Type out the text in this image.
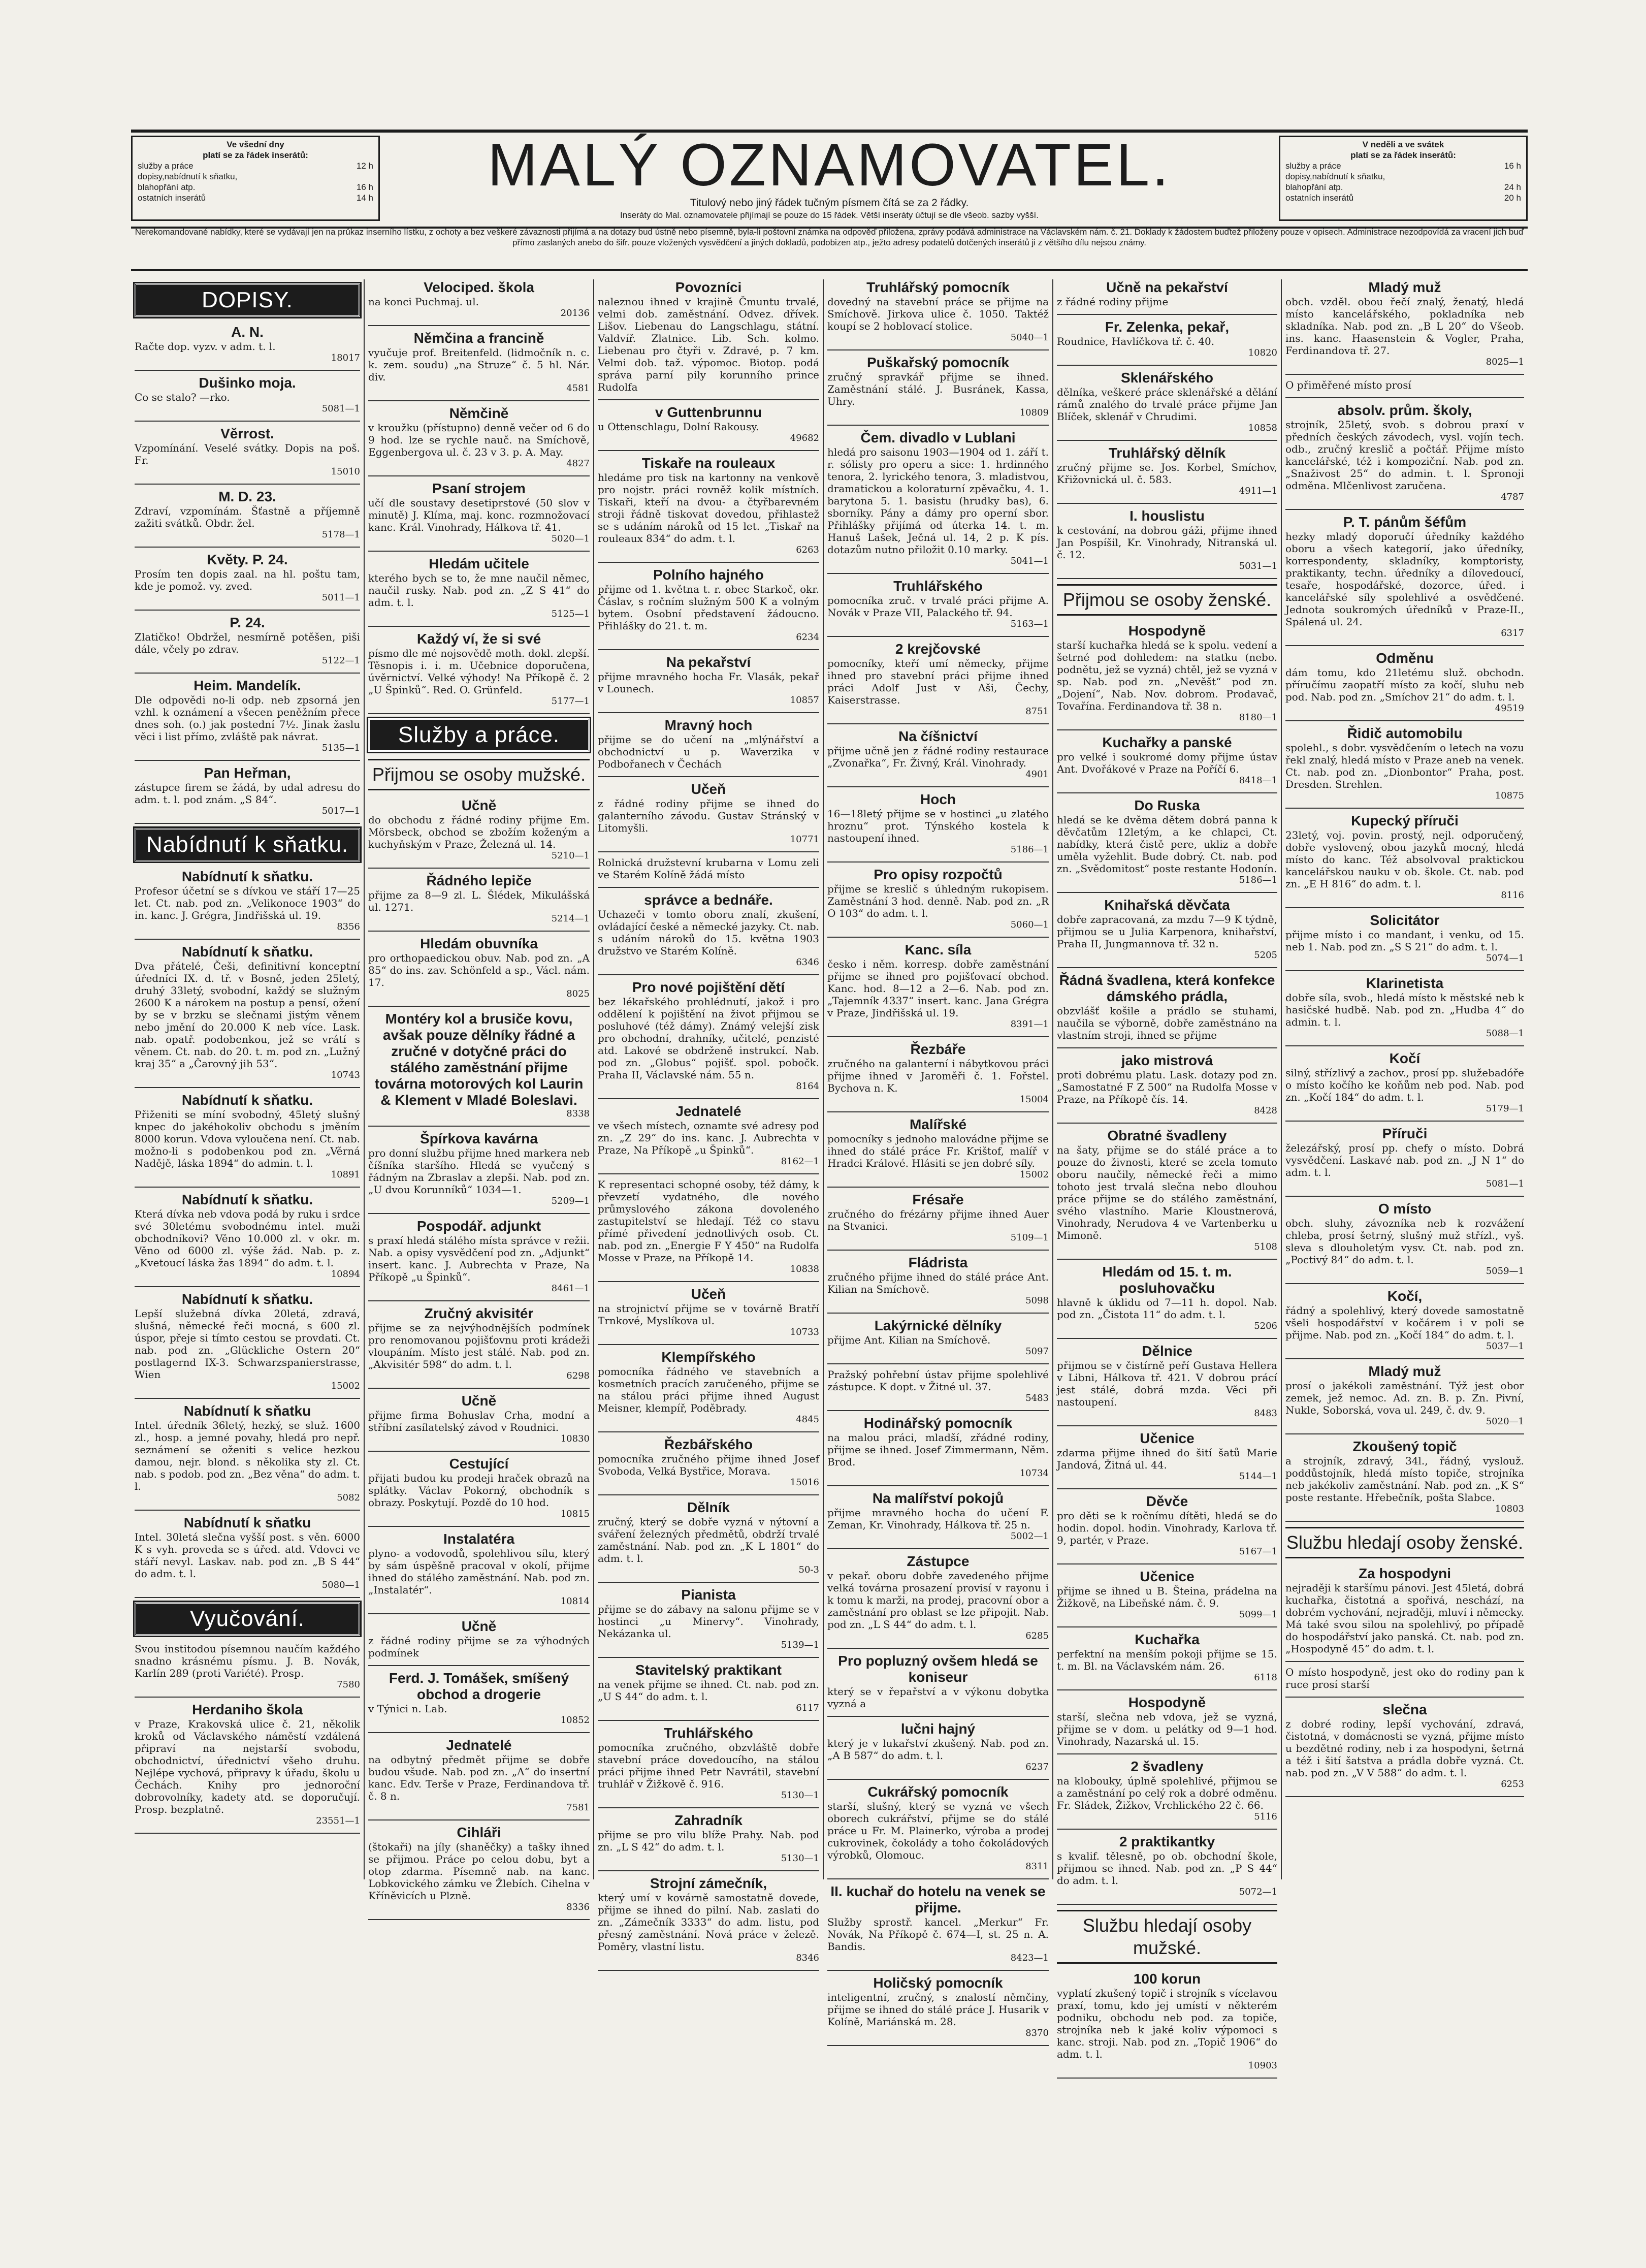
Ve všední dny
platí se za řádek inserátů:
služby a práce	12 h
dopisy,nabídnutí k sňatku,
blahopřání atp.	16 h
ostatních inserátů	14 h	MALÝ OZNAMOVATEL.
Titulový nebo jiný řádek tučným písmem čítá se za 2 řádky.
Inseráty do Mal. oznamovatele přijímají se pouze do 15 řádek. Větší inseráty účtují se dle všeob. sazby vyšší.
V neděli a ve svátek
platí se za řádek inserátů:
služby a práce	16 h
dopisy,nabídnutí k sňatku,
blahopřání atp.	24 h
ostatních inserátů	20 h
Nerekomandované nabídky, které se vydávají jen na průkaz inserního lístku, z ochoty a bez veškeré závaznosti přijímá a na dotazy bud ústně nebo písemně, byla-li poštovní známka na odpověď přiložena, zprávy podává administrace na Václavském nám. č. 21. Doklady k žádostem buďtež přiloženy pouze v opisech. Administrace nezodpovídá za vracení jich buď přímo zaslaných anebo do šifr. pouze vložených vysvědčení a jiných dokladů, podobizen atp., ježto adresy podatelů dotčených inserátů ji z většího dílu nejsou známy.
DOPISY.
A. N.
Račte dop. vyzv. v adm. t. l.
18017
Dušinko moja.
Co se stalo? —rko.
5081—1
Věrrost.
Vzpomínání. Veselé svátky. Dopis na poš. Fr.
15010
M. D. 23.
Zdraví, vzpomínám. Šťastně a příjemně zažiti svátků. Obdr. žel.
5178—1
Květy. P. 24.
Prosím ten dopis zaal. na hl. poštu tam, kde je pomož. vy. zved.
5011—1
P. 24.
Zlatičko! Obdržel, nesmírně potěšen, piši dále, včely po zdrav.
5122—1
Heim. Mandelík.
Dle odpovědi no-li odp. neb zpsorná jen vzhl. k oznámení a všecen peněžním přece dnes soh. (o.) jak postední 7½. Jinak žaslu věci i list přímo, zvláště pak návrat.
5135—1
Pan Heřman,
zástupce firem se žádá, by udal adresu do adm. t. l. pod znám. „S 84“.
5017—1
Nabídnutí k sňatku.
Nabídnutí k sňatku.
Profesor účetní se s dívkou ve stáří 17—25 let. Ct. nab. pod zn. „Velikonoce 1903“ do in. kanc. J. Grégra, Jindřišská ul. 19.
8356
Nabídnutí k sňatku.
Dva přátelé, Češi, definitivní konceptní úředníci IX. d. tř. v Bosně, jeden 25letý, druhý 33letý, svobodní, každý se služným 2600 K a nárokem na postup a pensí, ožení by se v brzku se slečnami jistým věnem nebo jmění do 20.000 K neb více. Lask. nab. opatř. podobenkou, jež se vrátí s věnem. Ct. nab. do 20. t. m. pod zn. „Lužný kraj 35“ a „Čarovný jih 53“.
10743
Nabídnutí k sňatku.
Přiženiti se míní svobodný, 45letý slušný knpec do jakéhokoliv obchodu s jměním 8000 korun. Vdova vyloučena není. Ct. nab. možno-li s podobenkou pod zn. „Věrná Nadějě, láska 1894“ do admin. t. l.
10891
Nabídnutí k sňatku.
Která dívka neb vdova podá by ruku i srdce své 30letému svobodnému intel. muži obchodníkovi? Věno 10.000 zl. v okr. m. Věno od 6000 zl. výše žád. Nab. p. z. „Kvetoucí láska žas 1894“ do adm. t. l.
10894
Nabídnutí k sňatku.
Lepší služebná dívka 20letá, zdravá, slušná, německé řeči mocná, s 600 zl. úspor, přeje si tímto cestou se provdati. Ct. nab. pod zn. „Glückliche Ostern 20“ postlagernd IX-3. Schwarzspanierstrasse, Wien
15002
Nabídnutí k sňatku
Intel. úředník 36letý, hezký, se služ. 1600 zl., hosp. a jemné povahy, hledá pro nepř. seznámení se oženiti s velice hezkou damou, nejr. blond. s několika sty zl. Ct. nab. s podob. pod zn. „Bez věna“ do adm. t. l.
5082
Nabídnutí k sňatku
Intel. 30letá slečna vyšší post. s věn. 6000 K s vyh. proveda se s úřed. atd. Vdovci ve stáří nevyl. Laskav. nab. pod zn. „B S 44“ do adm. t. l.
5080—1
Vyučování.
Svou institodou písemnou naučím každého snadno krásnému písmu. J. B. Novák, Karlín 289 (proti Variété). Prosp.
7580
Herdaniho škola
v Praze, Krakovská ulice č. 21, několik kroků od Václavského náměstí vzdálená připraví na nejstarší svobodu, obchodnictví, úřednictví všeho druhu. Nejlépe vychová, připravy k úřadu, školu u Čechách. Knihy pro jednoroční dobrovolníky, kadety atd. se doporučují. Prosp. bezplatně.
23551—1
Velociped. škola
na konci Puchmaj. ul.
20136
Němčina a francině
vyučuje prof. Breitenfeld. (lidmočník n. c. k. zem. soudu) „na Struze“ č. 5 hl. Nár. div.
4581
Němčině
v kroužku (přístupno) denně večer od 6 do 9 hod. lze se rychle nauč. na Smíchově, Eggenbergova ul. č. 23 v 3. p. A. May.
4827
Psaní strojem
učí dle soustavy desetiprstové (50 slov v minutě) J. Klíma, maj. konc. rozmnožovací kanc. Král. Vinohrady, Hálkova tř. 41.
5020—1
Hledám učitele
kterého bych se to, že mne naučil němec, naučil rusky. Nab. pod zn. „Z S 41“ do adm. t. l.
5125—1
Každý ví, že si své
písmo dle mé nojsovědě moth. dokl. zlepší. Těsnopis i. i. m. Učebnice doporučena, úvěrnictví. Velké výhody! Na Příkopě č. 2 „U Špinků“. Red. O. Grünfeld.
5177—1
Služby a práce.
Přijmou se osoby mužské.
Učně
do obchodu z řádné rodiny přijme Em. Mörsbeck, obchod se zbožím koženým a kuchyňským v Praze, Železná ul. 14.
5210—1
Řádného lepiče
přijme za 8—9 zl. L. Šlédek, Mikulášská ul. 1271.
5214—1
Hledám obuvníka
pro orthopaedickou obuv. Nab. pod zn. „A 85“ do ins. zav. Schönfeld a sp., Václ. nám. 17.
8025
Montéry kol a brusiče kovu, avšak pouze dělníky řádné a zručné v dotyčné práci do stálého zaměstnání přijme továrna motorových kol Laurin & Klement v Mladé Boleslavi.
8338
Špírkova kavárna
pro donní službu přijme hned markera neb číšníka staršího. Hledá se vyučený s řádným na Zbraslav a zlepši. Nab. pod zn. „U dvou Korunníků“ 1034—1.
5209—1
Pospodář. adjunkt
s praxí hledá stálého místa správce v režii. Nab. a opisy vysvědčení pod zn. „Adjunkt“ insert. kanc. J. Aubrechta v Praze, Na Příkopě „u Špinků“.
8461—1
Zručný akvisitér
přijme se za nejvýhodnějších podmínek pro renomovanou pojišťovnu proti krádeži vloupáním. Místo jest stálé. Nab. pod zn. „Akvisitér 598“ do adm. t. l.
6298
Učně
přijme firma Bohuslav Crha, modní a stříbní zasílatelský závod v Roudnici.
10830
Cestující
přijati budou ku prodeji hraček obrazů na splátky. Václav Pokorný, obchodník s obrazy. Poskytují. Pozdě do 10 hod.
10815
Instalatéra
plyno- a vodovodů, spolehlivou sílu, který by sám úspěšně pracoval v okolí, přijme ihned do stálého zaměstnání. Nab. pod zn. „Instalatér“.
10814
Učně
z řádné rodiny přijme se za výhodných podmínek
Ferd. J. Tomášek, smíšený obchod a drogerie
v Týnici n. Lab.
10852
Jednatelé
na odbytný předmět přijme se dobře budou všude. Nab. pod zn. „A“ do insertní kanc. Edv. Terše v Praze, Ferdinandova tř. č. 8 n.
7581
Cihláři
(štokaři) na jíly (shaněčky) a tašky ihned se přijmou. Práce po celou dobu, byt a otop zdarma. Písemně nab. na kanc. Lobkovického zámku ve Žlebích. Cihelna v Kříněvicích u Plzně.
8336
Povozníci
naleznou ihned v krajině Čmuntu trvalé, velmi dob. zaměstnání. Odvez. dřívek. Lišov. Liebenau do Langschlagu, státní. Valdvíř. Zlatnice. Lib. Sch. kolmo. Liebenau pro čtyři v. Zdravé, p. 7 km. Velmi dob. taž. výpomoc. Biotop. podá správa parní pily korunního prince Rudolfa
v Guttenbrunnu
u Ottenschlagu, Dolní Rakousy.
49682
Tiskaře na rouleaux
hledáme pro tisk na kartonny na venkově pro nojstr. práci rovněž kolik místních. Tiskaři, kteří na dvou- a čtyřbarevném stroji řádně tiskovat dovedou, přihlastež se s udáním nároků od 15 let. „Tiskař na rouleaux 834“ do adm. t. l.
6263
Polního hajného
přijme od 1. května t. r. obec Starkoč, okr. Čáslav, s ročním služným 500 K a volným bytem. Osobní představení žádoucno. Přihlášky do 21. t. m.
6234
Na pekařství
přijme mravného hocha Fr. Vlasák, pekař v Lounech.
10857
Mravný hoch
přijme se do učení na „mlýnářství a obchodnictví u p. Waverzika v Podbořanech v Čechách
Učeň
z řádné rodiny přijme se ihned do galanterního závodu. Gustav Stránský v Litomyšli.
10771
Rolnická družstevní krubarna v Lomu zeli ve Starém Kolíně žádá místo
správce a bednáře.
Uchazeči v tomto oboru znalí, zkušení, ovládající české a německé jazyky. Ct. nab. s udáním nároků do 15. května 1903 družstvo ve Starém Kolíně.
6346
Pro nové pojištění dětí
bez lékařského prohlédnutí, jakož i pro oddělení k pojištění na život přijmou se posluhové (též dámy). Známý velejší zisk pro obchodní, drahníky, učitelé, penzisté atd. Lakové se obdrženě instrukcí. Nab. pod zn. „Globus“ pojišť. spol. pobočk. Praha II, Václavské nám. 55 n.
8164
Jednatelé
ve všech místech, oznamte své adresy pod zn. „Z 29“ do ins. kanc. J. Aubrechta v Praze, Na Příkopě „u Špinků“.
8162—1
K representaci schopné osoby, též dámy, k převzetí vydatného, dle nového průmyslového zákona dovoleného zastupitelství se hledají. Též co stavu přímé přivedení jednotlivých osob. Ct. nab. pod zn. „Energie F Y 450“ na Rudolfa Mosse v Praze, na Příkopě 14.
10838
Učeň
na strojnictví přijme se v továrně Bratří Trnkové, Myslíkova ul.
10733
Klempířského
pomocníka řádného ve stavebních a kosmetních pracích zaručeného, přijme se na stálou práci přijme ihned August Meisner, klempíř, Poděbrady.
4845
Řezbářského
pomocníka zručného přijme ihned Josef Svoboda, Velká Bystřice, Morava.
15016
Dělník
zručný, který se dobře vyzná v nýtovní a sváření železných předmětů, obdrží trvalé zaměstnání. Nab. pod zn. „K L 1801“ do adm. t. l.
50-3
Pianista
přijme se do zábavy na salonu přijme se v hostinci „u Minervy“. Vinohrady, Nekázanka ul.
5139—1
Stavitelský praktikant
na venek přijme se ihned. Ct. nab. pod zn. „U S 44“ do adm. t. l.
6117
Truhlářského
pomocníka zručného, obzvláště dobře stavební práce dovedoucího, na stálou práci přijme ihned Petr Navrátil, stavební truhlář v Žižkově č. 916.
5130—1
Zahradník
přijme se pro vilu blíže Prahy. Nab. pod zn. „L S 42“ do adm. t. l.
5130—1
Strojní zámečník,
který umí v kovárně samostatně dovede, přijme se ihned do pilní. Nab. zaslati do zn. „Zámečník 3333“ do adm. listu, pod přesný zaměstnání. Nová práce v železě. Poměry, vlastní listu.
8346
Truhlářský pomocník
dovedný na stavební práce se přijme na Smíchově. Jirkova ulice č. 1050. Taktéž koupí se 2 hoblovací stolice.
5040—1
Puškařský pomocník
zručný spravkář přijme se ihned. Zaměstnání stálé. J. Busránek, Kassa, Uhry.
10809
Čem. divadlo v Lublani
hledá pro saisonu 1903—1904 od 1. září t. r. sólisty pro operu a sice: 1. hrdinného tenora, 2. lyrického tenora, 3. mladistvou, dramatickou a koloraturní zpěvačku, 4. 1. barytona 5. 1. basistu (hrudky bas), 6. sborníky. Pány a dámy pro operní sbor. Přihlášky přijímá od úterka 14. t. m. Hanuš Lašek, Ječná ul. 14, 2 p. K pís. dotazům nutno přiložit 0.10 marky.
5041—1
Truhlářského
pomocníka zruč. v trvalé práci přijme A. Novák v Praze VII, Palackého tř. 94.
5163—1
2 krejčovské
pomocníky, kteří umí německy, přijme ihned pro stavební práci přijme ihned práci Adolf Just v Aši, Čechy, Kaiserstrasse.
8751
Na číšnictví
přijme učně jen z řádné rodiny restaurace „Zvonařka“, Fr. Živný, Král. Vinohrady.
4901
Hoch
16—18letý přijme se v hostinci „u zlatého hroznu“ prot. Týnského kostela k nastoupení ihned.
5186—1
Pro opisy rozpočtů
přijme se kreslič s úhledným rukopisem. Zaměstnání 3 hod. denně. Nab. pod zn. „R O 103“ do adm. t. l.
5060—1
Kanc. síla
česko i něm. korresp. dobře zaměstnání přijme se ihned pro pojišťovací obchod. Kanc. hod. 8—12 a 2—6. Nab. pod zn. „Tajemník 4337“ insert. kanc. Jana Grégra v Praze, Jindřišská ul. 19.
8391—1
Řezbáře
zručného na galanterní i nábytkovou práci přijme ihned v Jaroměři č. 1. Fořstel. Bychova n. K.
15004
Malířské
pomocníky s jednoho malovádne přijme se ihned do stálé práce Fr. Krištof, malíř v Hradci Králové. Hlásiti se jen dobré síly.
15002
Frésaře
zručného do frézárny přijme ihned Auer na Stvanici.
5109—1
Fládrista
zručného přijme ihned do stálé práce Ant. Kilian na Smíchově.
5098
Lakýrnické dělníky
přijme Ant. Kilian na Smíchově.
5097
Pražský pohřební ústav přijme spolehlivé zástupce. K dopt. v Žitné ul. 37.
5483
Hodinářský pomocník
na malou práci, mladší, zřádné rodiny, přijme se ihned. Josef Zimmermann, Něm. Brod.
10734
Na malířství pokojů
přijme mravného hocha do učení F. Zeman, Kr. Vinohrady, Hálkova tř. 25 n.
5002—1
Zástupce
v pekař. oboru dobře zavedeného přijme velká továrna prosazení provisí v rayonu i k tomu k marži, na prodej, pracovní obor a zaměstnání pro oblast se lze připojit. Nab. pod zn. „L S 44“ do adm. t. l.
6285
Pro popluzný ovšem hledá se koniseur
který se v řepařství a v výkonu dobytka vyzná a
lučni hajný
který je v lukařství zkušený. Nab. pod zn. „A B 587“ do adm. t. l.
6237
Cukrářský pomocník
starší, slušný, který se vyzná ve všech oborech cukrářství, přijme se do stálé práce u Fr. M. Plainerko, výroba a prodej cukrovinek, čokolády a toho čokoládových výrobků, Olomouc.
8311
II. kuchař do hotelu na venek se přijme.
Služby sprostř. kancel. „Merkur“ Fr. Novák, Na Příkopě č. 674—I, st. 25 n. A. Bandis.
8423—1
Holičský pomocník
inteligentní, zručný, s znalostí němčiny, přijme se ihned do stálé práce J. Husarik v Kolíně, Mariánská m. 28.
8370
Učně na pekařství
z řádné rodiny přijme
Fr. Zelenka, pekař,
Roudnice, Havlíčkova tř. č. 40.
10820
Sklenářského
dělníka, veškeré práce sklenářské a dělání rámů znalého do trvalé práce přijme Jan Blíček, sklenář v Chrudimi.
10858
Truhlářský dělník
zručný přijme se. Jos. Korbel, Smíchov, Křižovnická ul. č. 583.
4911—1
I. houslistu
k cestování, na dobrou gáži, přijme ihned Jan Pospíšil, Kr. Vinohrady, Nitranská ul. č. 12.
5031—1
Přijmou se osoby ženské.
Hospodyně
starší kuchařka hledá se k spolu. vedení a šetrné pod dohledem: na statku (nebo. podnětu, jež se vyzná) chtěl, jež se vyzná v sp. Nab. pod zn. „Nevěšt“ pod zn. „Dojení“, Nab. Nov. dobrom. Prodavač, Tovařína. Ferdinandova tř. 38 n.
8180—1
Kuchařky a panské
pro velké i soukromé domy přijme ústav Ant. Dvořákové v Praze na Poříčí 6.
8418—1
Do Ruska
hledá se ke dvěma dětem dobrá panna k děvčatům 12letým, a ke chlapci, Ct. nabídky, která čistě pere, ukliz a dobře uměla vyžehlit. Bude dobrý. Ct. nab. pod zn. „Svědomitost“ poste restante Hodonín.
5186—1
Knihařská děvčata
dobře zapracovaná, za mzdu 7—9 K týdně, přijmou se u Julia Karpenora, knihařství, Praha II, Jungmannova tř. 32 n.
5205
Řádná švadlena, která konfekce dámského prádla,
obzvlášť košile a prádlo se stuhami, naučila se výborně, dobře zaměstnáno na vlastním stroji, ihned se přijme
jako mistrová
proti dobrému platu. Lask. dotazy pod zn. „Samostatné F Z 500“ na Rudolfa Mosse v Praze, na Příkopě čís. 14.
8428
Obratné švadleny
na šaty, přijme se do stálé práce a to pouze do živnosti, které se zcela tomuto oboru naučily, německé řeči a mimo tohoto jest trvalá slečna nebo dlouhou práce přijme se do stálého zaměstnání, svého vlastního. Marie Kloustnerová, Vinohrady, Nerudova 4 ve Vartenberku u Mimoně.
5108
Hledám od 15. t. m. posluhovačku
hlavně k úklidu od 7—11 h. dopol. Nab. pod zn. „Čistota 11“ do adm. t. l.
5206
Dělnice
přijmou se v čistírně peří Gustava Hellera v Libni, Hálkova tř. 421. V dobrou prácí jest stálé, dobrá mzda. Věci při nastoupení.
8483
Učenice
zdarma přijme ihned do šití šatů Marie Jandová, Žitná ul. 44.
5144—1
Děvče
pro děti se k ročnímu dítěti, hledá se do hodin. dopol. hodin. Vinohrady, Karlova tř. 9, partér, v Praze.
5167—1
Učenice
přijme se ihned u B. Šteina, prádelna na Žižkově, na Libeňské nám. č. 9.
5099—1
Kuchařka
perfektní na menším pokoji přijme se 15. t. m. Bl. na Václavském nám. 26.
6118
Hospodyně
starší, slečna neb vdova, jež se vyzná, přijme se v dom. u pelátky od 9—1 hod. Vinohrady, Nazarská ul. 15.
2 švadleny
na klobouky, úplně spolehlivé, přijmou se a zaměstnání po celý rok a dobré odměnu. Fr. Sládek, Žižkov, Vrchlického 22 č. 66.
5116
2 praktikantky
s kvalif. tělesně, po ob. obchodní škole, přijmou se ihned. Nab. pod zn. „P S 44“ do adm. t. l.
5072—1
Službu hledají osoby mužské.
100 korun
vyplatí zkušený topič i strojník s vícelavou praxí, tomu, kdo jej umístí v některém podniku, obchodu neb pod. za topiče, strojníka neb k jaké koliv výpomoci s kanc. stroji. Nab. pod zn. „Topič 1906“ do adm. t. l.
10903
Mladý muž
obch. vzděl. obou řečí znalý, ženatý, hledá místo kancelářského, pokladníka neb skladníka. Nab. pod zn. „B L 20“ do Všeob. ins. kanc. Haasenstein & Vogler, Praha, Ferdinandova tř. 27.
8025—1
O přiměřené místo prosí
absolv. prům. školy,
strojník, 25letý, svob. s dobrou praxí v předních českých závodech, vysl. vojín tech. odb., zručný kreslič a počtář. Přijme místo kancelářské, též i kompoziční. Nab. pod zn. „Snaživost 25“ do admin. t. l. Spronoji odměna. Mlčenlivost zaručena.
4787
P. T. pánům šéfům
hezky mladý doporučí úředníky každého oboru a všech kategorií, jako úředníky, korrespondenty, skladníky, komptoristy, praktikanty, techn. úředníky a dílovedoucí, tesaře, hospodářské, dozorce, úřed. i kancelářské síly spolehlivé a osvědčené. Jednota soukromých úředníků v Praze-II., Spálená ul. 24.
6317
Odměnu
dám tomu, kdo 21letému služ. obchodn. příručímu zaopatří místo za kočí, sluhu neb pod. Nab. pod zn. „Smíchov 21“ do adm. t. l.
49519
Řidič automobilu
spolehl., s dobr. vysvědčením o letech na vozu řekl znalý, hledá místo v Praze aneb na venek. Ct. nab. pod zn. „Dionbontor“ Praha, post. Dresden. Strehlen.
10875
Kupecký příruči
23letý, voj. povin. prostý, nejl. odporučený, dobře vyslovený, obou jazyků mocný, hledá místo do kanc. Též absolvoval praktickou kancelářskou nauku v ob. škole. Ct. nab. pod zn. „E H 816“ do adm. t. l.
8116
Solicitátor
přijme místo i co mandant, i venku, od 15. neb 1. Nab. pod zn. „S S 21“ do adm. t. l.
5074—1
Klarinetista
dobře síla, svob., hledá místo k městské neb k hasičské hudbě. Nab. pod zn. „Hudba 4“ do admin. t. l.
5088—1
Kočí
silný, střízlivý a zachov., prosí pp. služebadóře o místo kočího ke koňům neb pod. Nab. pod zn. „Kočí 184“ do adm. t. l.
5179—1
Příruči
železářský, prosí pp. chefy o místo. Dobrá vysvědčení. Laskavé nab. pod zn. „J N 1“ do adm. t. l.
5081—1
O místo
obch. sluhy, závozníka neb k rozvážení chleba, prosí šetrný, slušný muž střízl., vyš. sleva s dlouholetým vysv. Ct. nab. pod zn. „Poctivý 84“ do adm. t. l.
5059—1
Kočí,
řádný a spolehlivý, který dovede samostatně všeli hospodářství v kočárem i v poli se přijme. Nab. pod zn. „Kočí 184“ do adm. t. l.
5037—1
Mladý muž
prosí o jakékoli zaměstnání. Týž jest obor zemek, jež nemoc. Ad. zn. B. p. Zn. Pivní, Nukle, Soborská, vova ul. 249, č. dv. 9.
5020—1
Zkoušený topič
a strojník, zdravý, 34l., řádný, vyslouž. poddůstojník, hledá místo topiče, strojníka neb jakékoliv zaměstnání. Nab. pod zn. „K S“ poste restante. Hřebečník, pošta Slabce.
10803
Službu hledají osoby ženské.
Za hospodyni
nejraději k staršímu pánovi. Jest 45letá, dobrá kuchařka, čistotná a spořivá, neschází, na dobrém vychování, nejraději, mluví i německy. Má také svou silou na spolehlivý, po případě do hospodářství jako panská. Ct. nab. pod zn. „Hospodyně 45“ do adm. t. l.
O místo hospodyně, jest oko do rodiny pan k ruce prosí starší
slečna
z dobré rodiny, lepší vychování, zdravá, čistotná, v domácnosti se vyzná, přijme místo u bezdětné rodiny, neb i za hospodyni, šetrná a též i šití šatstva a prádla dobře vyzná. Ct. nab. pod zn. „V V 588“ do adm. t. l.
6253
